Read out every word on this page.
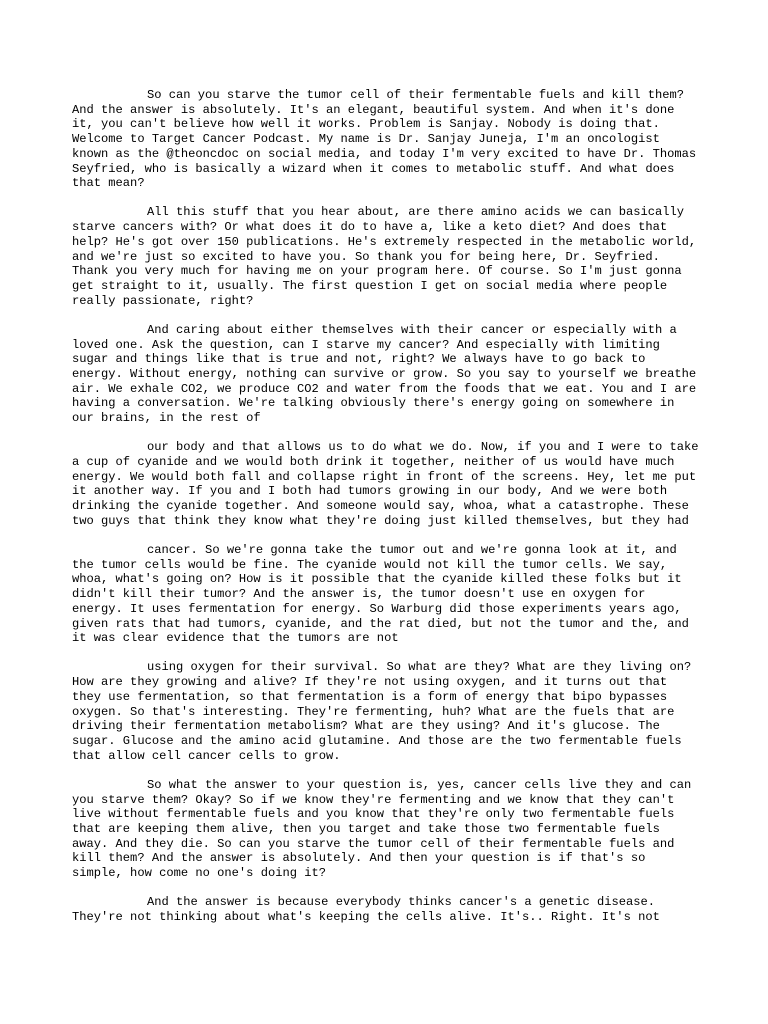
So can you starve the tumor cell of their fermentable fuels and kill them? And the answer is absolutely. It's an elegant, beautiful system. And when it's done it, you can't believe how well it works. Problem is Sanjay. Nobody is doing that. Welcome to Target Cancer Podcast. My name is Dr. Sanjay Juneja, I'm an oncologist known as the @theoncdoc on social media, and today I'm very excited to have Dr. Thomas Seyfried, who is basically a wizard when it comes to metabolic stuff. And what does that mean?

All this stuff that you hear about, are there amino acids we can basically starve cancers with? Or what does it do to have a, like a keto diet? And does that help? He's got over 150 publications. He's extremely respected in the metabolic world, and we're just so excited to have you. So thank you for being here, Dr. Seyfried. Thank you very much for having me on your program here. Of course. So I'm just gonna get straight to it, usually. The first question I get on social media where people really passionate, right?

And caring about either themselves with their cancer or especially with a loved one. Ask the question, can I starve my cancer? And especially with limiting sugar and things like that is true and not, right? We always have to go back to energy. Without energy, nothing can survive or grow. So you say to yourself we breathe air. We exhale CO2, we produce CO2 and water from the foods that we eat. You and I are having a conversation. We're talking obviously there's energy going on somewhere in our brains, in the rest of

our body and that allows us to do what we do. Now, if you and I were to take a cup of cyanide and we would both drink it together, neither of us would have much energy. We would both fall and collapse right in front of the screens. Hey, let me put it another way. If you and I both had tumors growing in our body, And we were both drinking the cyanide together. And someone would say, whoa, what a catastrophe. These two guys that think they know what they're doing just killed themselves, but they had

cancer. So we're gonna take the tumor out and we're gonna look at it, and the tumor cells would be fine. The cyanide would not kill the tumor cells. We say, whoa, what's going on? How is it possible that the cyanide killed these folks but it didn't kill their tumor? And the answer is, the tumor doesn't use en oxygen for energy. It uses fermentation for energy. So Warburg did those experiments years ago, given rats that had tumors, cyanide, and the rat died, but not the tumor and the, and it was clear evidence that the tumors are not

using oxygen for their survival. So what are they? What are they living on? How are they growing and alive? If they're not using oxygen, and it turns out that they use fermentation, so that fermentation is a form of energy that bipo bypasses oxygen. So that's interesting. They're fermenting, huh? What are the fuels that are driving their fermentation metabolism? What are they using? And it's glucose. The sugar. Glucose and the amino acid glutamine. And those are the two fermentable fuels that allow cell cancer cells to grow.

So what the answer to your question is, yes, cancer cells live they and can you starve them? Okay? So if we know they're fermenting and we know that they can't live without fermentable fuels and you know that they're only two fermentable fuels that are keeping them alive, then you target and take those two fermentable fuels away. And they die. So can you starve the tumor cell of their fermentable fuels and kill them? And the answer is absolutely. And then your question is if that's so simple, how come no one's doing it?

And the answer is because everybody thinks cancer's a genetic disease. They're not thinking about what's keeping the cells alive. It's.. Right. It's not
